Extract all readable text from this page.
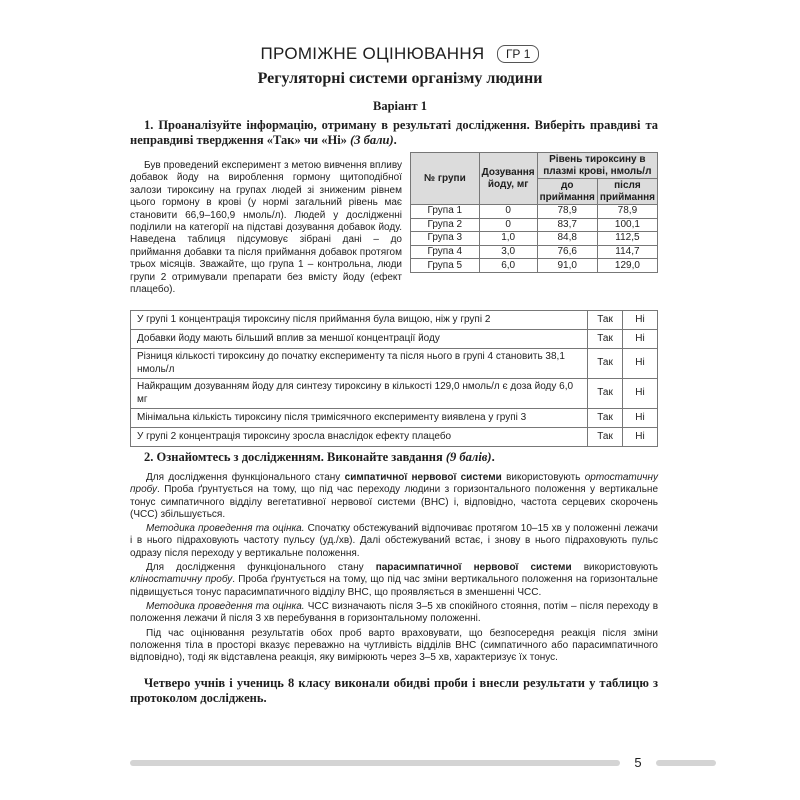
ПРОМІЖНЕ ОЦІНЮВАННЯ ГР 1
Регуляторні системи організму людини
Варіант 1
1. Проаналізуйте інформацію, отриману в результаті дослідження. Виберіть правдиві та неправдиві твердження «Так» чи «Ні» (3 бали).
Був проведений експеримент з метою вивчення впливу добавок йоду на вироблення гормону щитоподібної залози тироксину на групах людей зі зниженим рівнем цього гормону в крові (у нормі загальний рівень має становити 66,9–160,9 нмоль/л). Людей у дослідженні поділили на категорії на підставі дозування добавок йоду. Наведена таблиця підсумовує зібрані дані – до приймання добавки та після приймання добавок протягом трьох місяців. Зважайте, що група 1 – контрольна, люди групи 2 отримували препарати без вмісту йоду (ефект плацебо).
№ групи	Дозування йоду, мг	Рівень тироксину в плазмі крові, нмоль/л	
		до приймання	після приймання
Група 1	0	78,9	78,9
Група 2	0	83,7	100,1
Група 3	1,0	84,8	112,5
Група 4	3,0	76,6	114,7
Група 5	6,0	91,0	129,0
У групі 1 концентрація тироксину після приймання була вищою, ніж у групі 2	Так	Ні
Добавки йоду мають більший вплив за меншої концентрації йоду	Так	Ні
Різниця кількості тироксину до початку експерименту та після нього в групі 4 становить 38,1 нмоль/л	Так	Ні
Найкращим дозуванням йоду для синтезу тироксину в кількості 129,0 нмоль/л є доза йоду 6,0 мг	Так	Ні
Мінімальна кількість тироксину після тримісячного експерименту виявлена у групі 3	Так	Ні
У групі 2 концентрація тироксину зросла внаслідок ефекту плацебо	Так	Ні
2. Ознайомтесь з дослідженням. Виконайте завдання (9 балів).

Для дослідження функціонального стану симпатичної нервової системи використовують ортостатичну пробу. Проба ґрунтується на тому, що під час переходу людини з горизонтального положення у вертикальне тонус симпатичного відділу вегетативної нервової системи (ВНС) і, відповідно, частота серцевих скорочень (ЧСС) збільшується.

Методика проведення та оцінка. Спочатку обстежуваний відпочиває протягом 10–15 хв у положенні лежачи і в нього підраховують частоту пульсу (уд./хв). Далі обстежуваний встає, і знову в нього підраховують пульс одразу після переходу у вертикальне положення.

Для дослідження функціонального стану парасимпатичної нервової системи використовують кліностатичну пробу. Проба ґрунтується на тому, що під час зміни вертикального положення на горизонтальне підвищується тонус парасимпатичного відділу ВНС, що проявляється в зменшенні ЧСС.

Методика проведення та оцінка. ЧСС визначають після 3–5 хв спокійного стояння, потім – після переходу в положення лежачи й після 3 хв перебування в горизонтальному положенні.

Під час оцінювання результатів обох проб варто враховувати, що безпосередня реакція після зміни положення тіла в просторі вказує переважно на чутливість відділів ВНС (симпатичного або парасимпатичного відповідно), тоді як відставлена реакція, яку вимірюють через 3–5 хв, характеризує їх тонус.

Четверо учнів і учениць 8 класу виконали обидві проби і внесли результати у таблицю з протоколом досліджень.
5
